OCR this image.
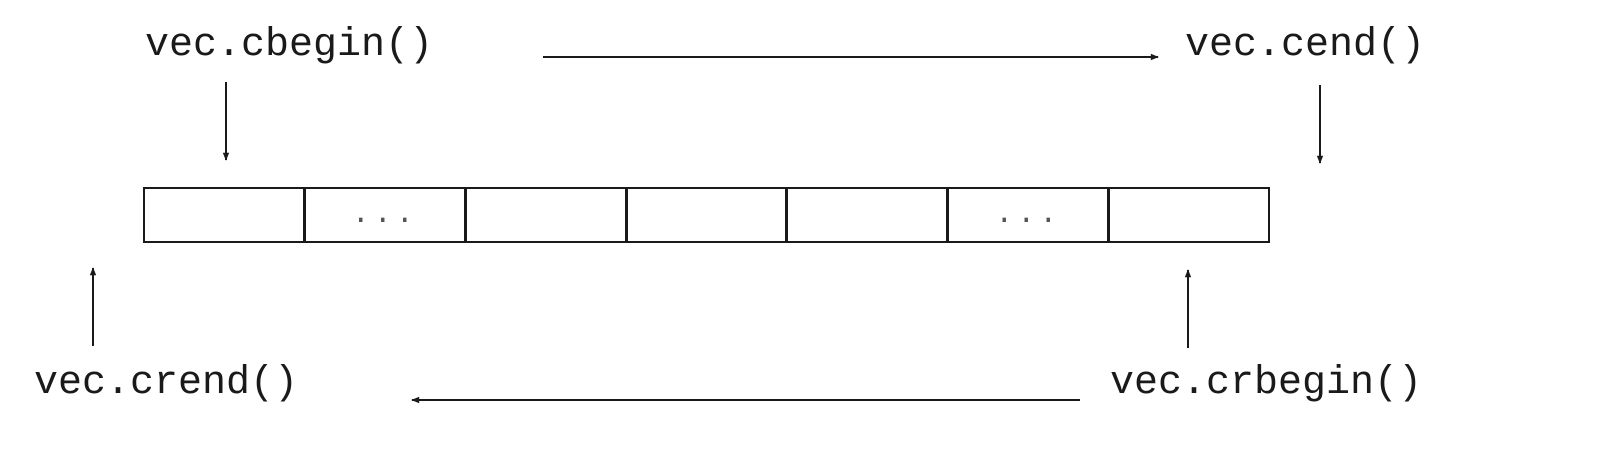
vec.cbegin()	vec.cend()
vec.crend()	vec.crbegin()
...	...
